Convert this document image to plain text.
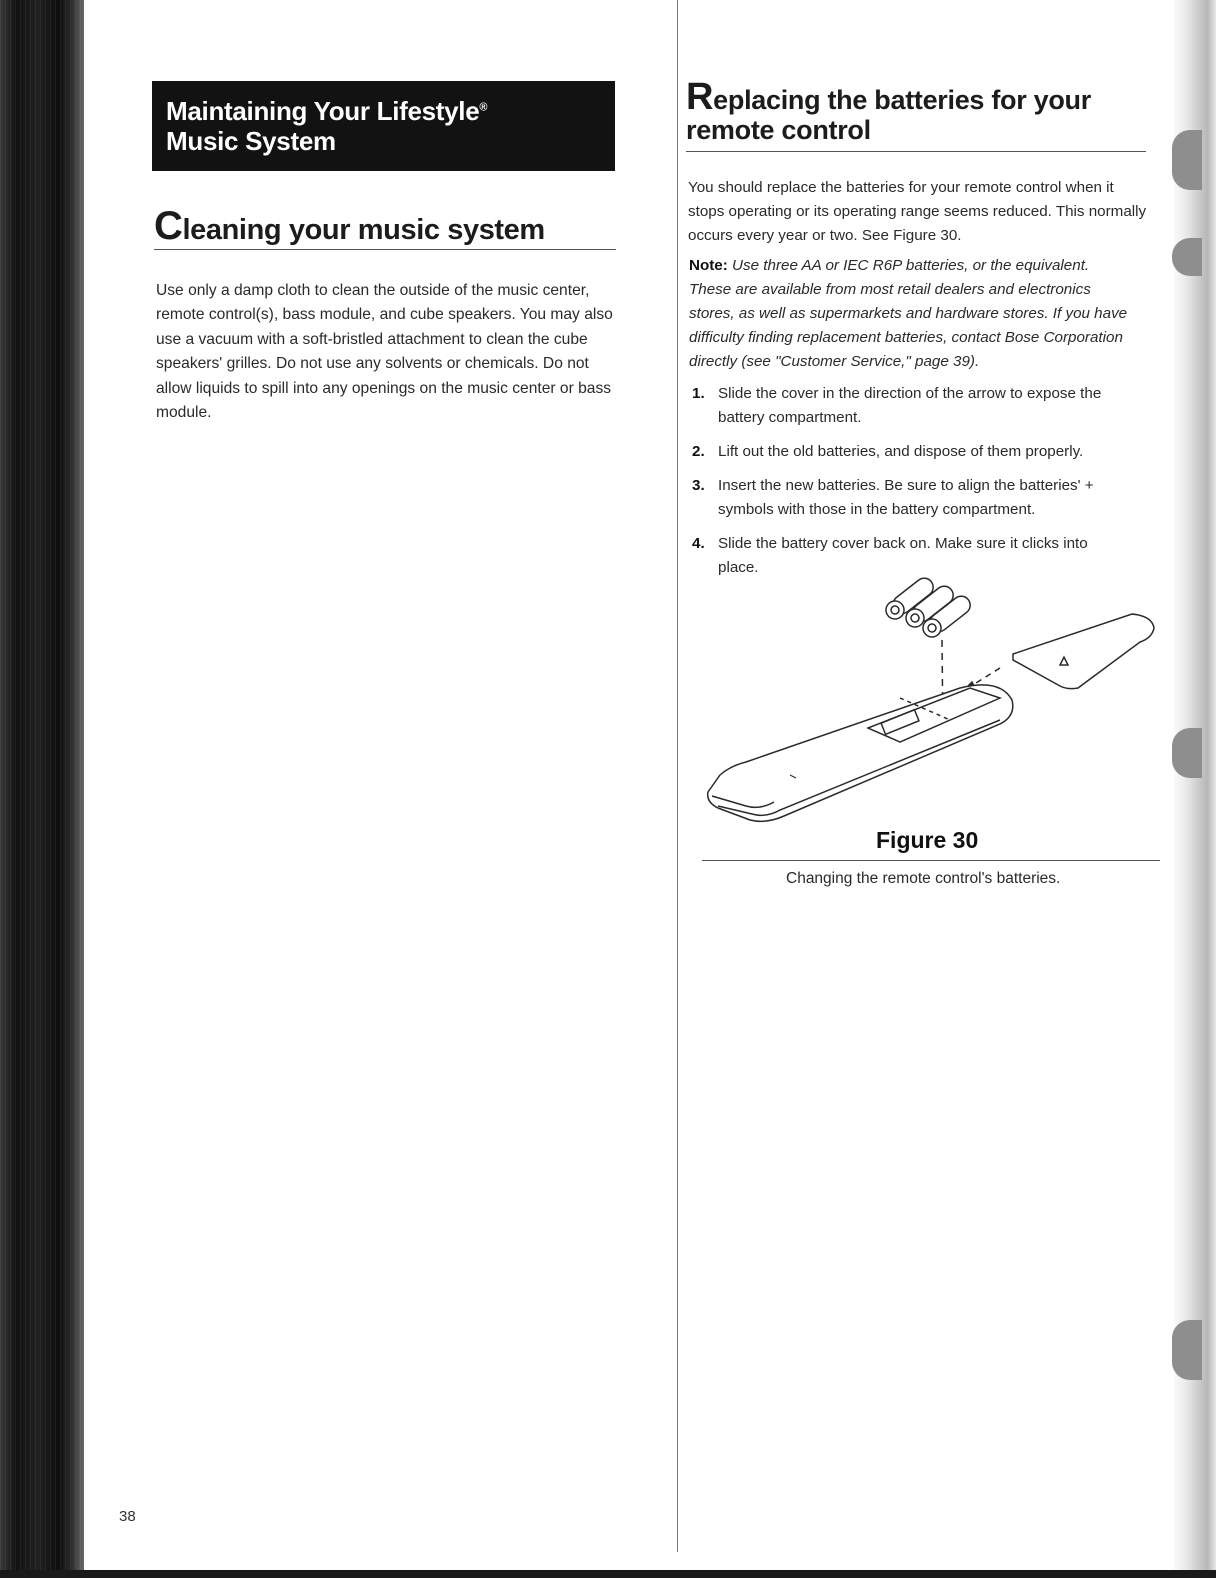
Maintaining Your Lifestyle®
Music System
Cleaning your music system

Use only a damp cloth to clean the outside of the music center, remote control(s), bass module, and cube speakers. You may also use a vacuum with a soft-bristled attachment to clean the cube speakers' grilles. Do not use any solvents or chemicals. Do not allow liquids to spill into any openings on the music center or bass module.

38
Replacing the batteries for your remote control

You should replace the batteries for your remote control when it stops operating or its operating range seems reduced. This normally occurs every year or two. See Figure 30.

Note: Use three AA or IEC R6P batteries, or the equivalent. These are available from most retail dealers and electronics stores, as well as supermarkets and hardware stores. If you have difficulty finding replacement batteries, contact Bose Corporation directly (see "Customer Service," page 39).

1. Slide the cover in the direction of the arrow to expose the battery compartment.
2. Lift out the old batteries, and dispose of them properly.
3. Insert the new batteries. Be sure to align the batteries' + symbols with those in the battery compartment.
4. Slide the battery cover back on. Make sure it clicks into place.
Figure 30
Changing the remote control's batteries.
